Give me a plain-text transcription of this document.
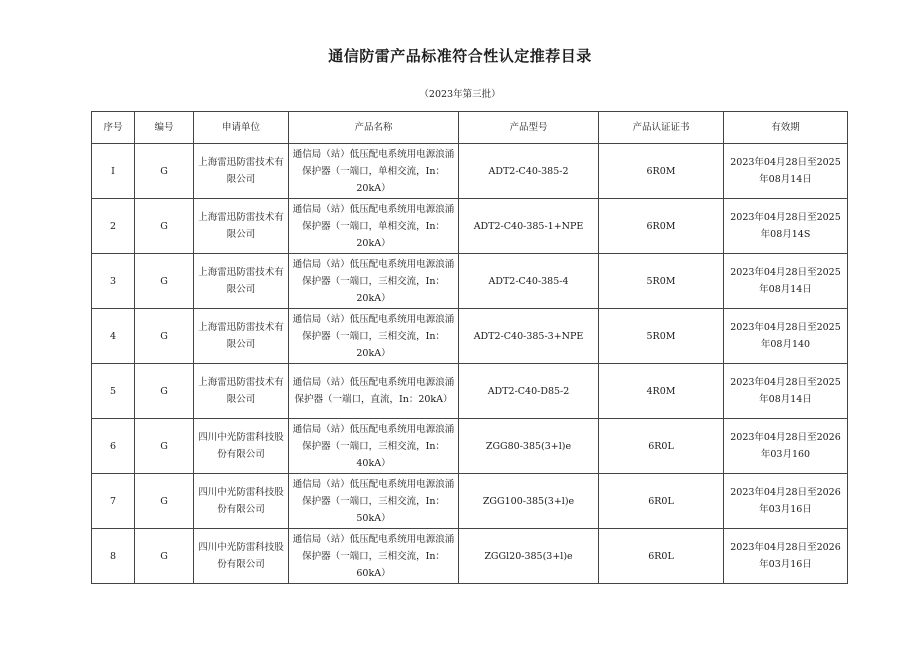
通信防雷产品标准符合性认定推荐目录
（2023年第三批）
序号	编号	申请单位	产品名称	产品型号	产品认证证书	有效期
I	G	上海雷迅防雷技术有限公司	通信局（站）低压配电系统用电源浪涌保护器（一端口，单相交流，In：20kA）	ADT2-C40-385-2	6R0M	2023年04月28日至2025年08月14日
2	G	上海雷迅防雷技术有限公司	通信局（站）低压配电系统用电源浪涌保护器（一端口，单相交流，In：20kA）	ADT2-C40-385-1+NPE	6R0M	2023年04月28日至2025年08月14S
3	G	上海雷迅防雷技术有限公司	通信局（站）低压配电系统用电源浪涌保护器（一端口，三相交流，In：20kA）	ADT2-C40-385-4	5R0M	2023年04月28日至2025年08月14日
4	G	上海雷迅防雷技术有限公司	通信局（站）低压配电系统用电源浪涌保护器（一端口，三相交流，In：20kA）	ADT2-C40-385-3+NPE	5R0M	2023年04月28日至2025年08月140
5	G	上海雷迅防雷技术有限公司	通信局（站）低压配电系统用电源浪涌保护器（一端口，直流，In：20kA）	ADT2-C40-D85-2	4R0M	2023年04月28日至2025年08月14日
6	G	四川中光防雷科技股份有限公司	通信局（站）低压配电系统用电源浪涌保护器（一端口，三相交流，In：40kA）	ZGG80-385(3+l)e	6R0L	2023年04月28日至2026年03月160
7	G	四川中光防雷科技股份有限公司	通信局（站）低压配电系统用电源浪涌保护器（一端口，三相交流，In：50kA）	ZGG100-385(3+l)e	6R0L	2023年04月28日至2026年03月16日
8	G	四川中光防雷科技股份有限公司	通信局（站）低压配电系统用电源浪涌保护器（一端口，三相交流，In：60kA）	ZGGl20-385(3+l)e	6R0L	2023年04月28日至2026年03月16日
